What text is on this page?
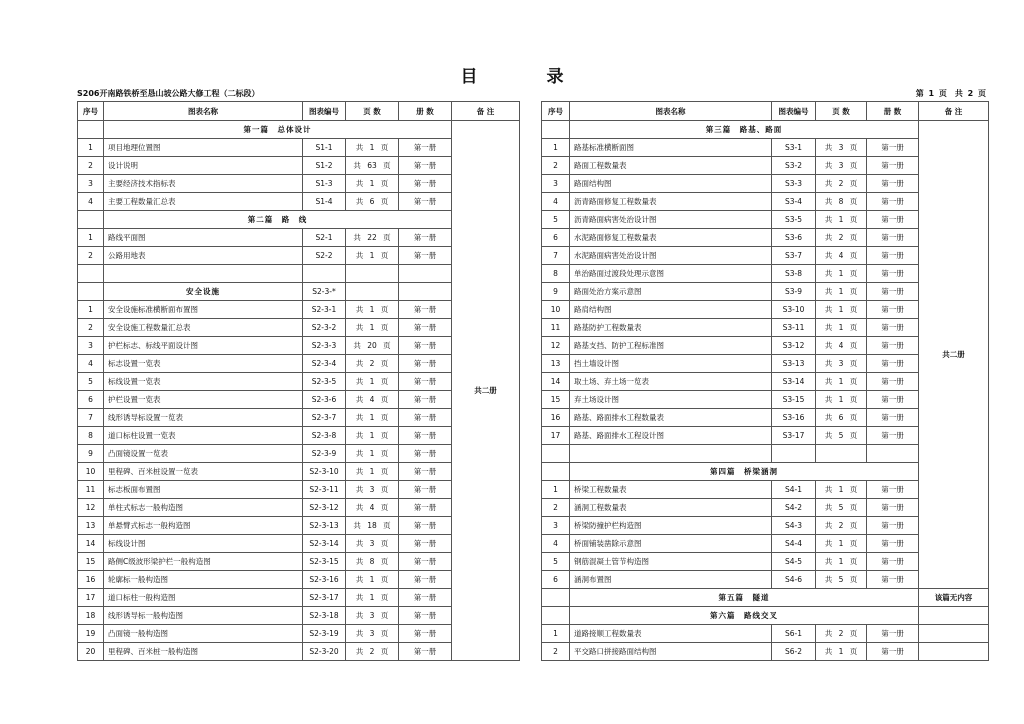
目　录
S206开南路铁桥至恳山坡公路大修工程（二标段）	第 1 页　共 2 页
序号	图表名称	图表编号	页 数	册 数	备 注
	第一篇　总体设计				共二册
1	项目地理位置图	S1-1	共 1 页	第一册	
2	设计说明	S1-2	共 63 页	第一册	
3	主要经济技术指标表	S1-3	共 1 页	第一册	
4	主要工程数量汇总表	S1-4	共 6 页	第一册	
	第二篇　路　线				
1	路线平面图	S2-1	共 22 页	第一册	
2	公路用地表	S2-2	共 1 页	第一册	

	安全设施	S2-3-*			
1	安全设施标准横断面布置图	S2-3-1	共 1 页	第一册	
2	安全设施工程数量汇总表	S2-3-2	共 1 页	第一册	
3	护栏标志、标线平面设计图	S2-3-3	共 20 页	第一册	
4	标志设置一览表	S2-3-4	共 2 页	第一册	
5	标线设置一览表	S2-3-5	共 1 页	第一册	
6	护栏设置一览表	S2-3-6	共 4 页	第一册	
7	线形诱导标设置一览表	S2-3-7	共 1 页	第一册	
8	道口标柱设置一览表	S2-3-8	共 1 页	第一册	
9	凸面镜设置一览表	S2-3-9	共 1 页	第一册	
10	里程碑、百米桩设置一览表	S2-3-10	共 1 页	第一册	
11	标志板面布置图	S2-3-11	共 3 页	第一册	
12	单柱式标志一般构造图	S2-3-12	共 4 页	第一册	
13	单悬臂式标志一般构造图	S2-3-13	共 18 页	第一册	
14	标线设计图	S2-3-14	共 3 页	第一册	
15	路侧C级波形梁护栏一般构造图	S2-3-15	共 8 页	第一册	
16	轮廓标一般构造图	S2-3-16	共 1 页	第一册	
17	道口标柱一般构造图	S2-3-17	共 1 页	第一册	
18	线形诱导标一般构造图	S2-3-18	共 3 页	第一册	
19	凸面镜一般构造图	S2-3-19	共 3 页	第一册	
20	里程碑、百米桩一般构造图	S2-3-20	共 2 页	第一册	
序号	图表名称	图表编号	页 数	册 数	备 注
	第三篇　路基、路面				共二册
1	路基标准横断面图	S3-1	共 3 页	第一册	
2	路面工程数量表	S3-2	共 3 页	第一册	
3	路面结构图	S3-3	共 2 页	第一册	
4	沥青路面修复工程数量表	S3-4	共 8 页	第一册	
5	沥青路面病害处治设计图	S3-5	共 1 页	第一册	
6	水泥路面修复工程数量表	S3-6	共 2 页	第一册	
7	水泥路面病害处治设计图	S3-7	共 4 页	第一册	
8	单治路面过渡段处理示意图	S3-8	共 1 页	第一册	
9	路面处治方案示意图	S3-9	共 1 页	第一册	
10	路肩结构图	S3-10	共 1 页	第一册	
11	路基防护工程数量表	S3-11	共 1 页	第一册	
12	路基支挡、防护工程标准图	S3-12	共 4 页	第一册	
13	挡土墙设计图	S3-13	共 3 页	第一册	
14	取土场、弃土场一览表	S3-14	共 1 页	第一册	
15	弃土场设计图	S3-15	共 1 页	第一册	
16	路基、路面排水工程数量表	S3-16	共 6 页	第一册	
17	路基、路面排水工程设计图	S3-17	共 5 页	第一册	

	第四篇　桥梁涵洞				
1	桥梁工程数量表	S4-1	共 1 页	第一册	
2	涵洞工程数量表	S4-2	共 5 页	第一册	
3	桥梁防撞护栏构造图	S4-3	共 2 页	第一册	
4	桥面铺装凿除示意图	S4-4	共 1 页	第一册	
5	钢筋混凝土管节构造图	S4-5	共 1 页	第一册	
6	涵洞布置图	S4-6	共 5 页	第一册	
	第五篇　隧道				该篇无内容
	第六篇　路线交叉				
1	道路接顺工程数量表	S6-1	共 2 页	第一册	
2	平交路口拼接路面结构图	S6-2	共 1 页	第一册	
